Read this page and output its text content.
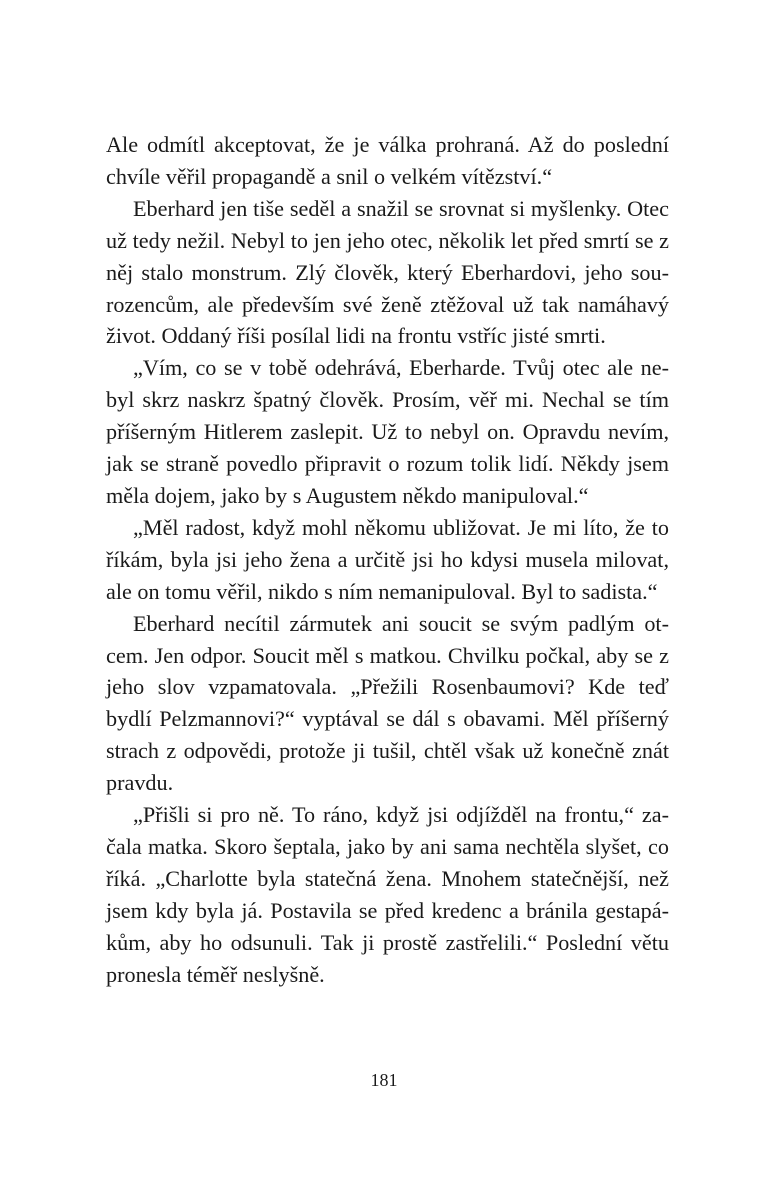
Ale odmítl akceptovat, že je válka prohraná. Až do poslední chvíle věřil propagandě a snil o velkém vítězství.“

Eberhard jen tiše seděl a snažil se srovnat si myšlenky. Otec už tedy nežil. Nebyl to jen jeho otec, několik let před smrtí se z něj stalo monstrum. Zlý člověk, který Eberhardovi, jeho sourozencům, ale především své ženě ztěžoval už tak namáhavý život. Oddaný říši posílal lidi na frontu vstříc jisté smrti.

„Vím, co se v tobě odehrává, Eberharde. Tvůj otec ale nebyl skrz naskrz špatný člověk. Prosím, věř mi. Nechal se tím příšerným Hitlerem zaslepit. Už to nebyl on. Opravdu nevím, jak se straně povedlo připravit o rozum tolik lidí. Někdy jsem měla dojem, jako by s Augustem někdo manipuloval.“

„Měl radost, když mohl někomu ubližovat. Je mi líto, že to říkám, byla jsi jeho žena a určitě jsi ho kdysi musela milovat, ale on tomu věřil, nikdo s ním nemanipuloval. Byl to sadista.“

Eberhard necítil zármutek ani soucit se svým padlým otcem. Jen odpor. Soucit měl s matkou. Chvilku počkal, aby se z jeho slov vzpamatovala. „Přežili Rosenbaumovi? Kde teď bydlí Pelzmannovi?“ vyptával se dál s obavami. Měl příšerný strach z odpovědi, protože ji tušil, chtěl však už konečně znát pravdu.

„Přišli si pro ně. To ráno, když jsi odjížděl na frontu,“ začala matka. Skoro šeptala, jako by ani sama nechtěla slyšet, co říká. „Charlotte byla statečná žena. Mnohem statečnější, než jsem kdy byla já. Postavila se před kredenc a bránila gestapákům, aby ho odsunuli. Tak ji prostě zastřelili.“ Poslední větu pronesla téměř neslyšně.

181
